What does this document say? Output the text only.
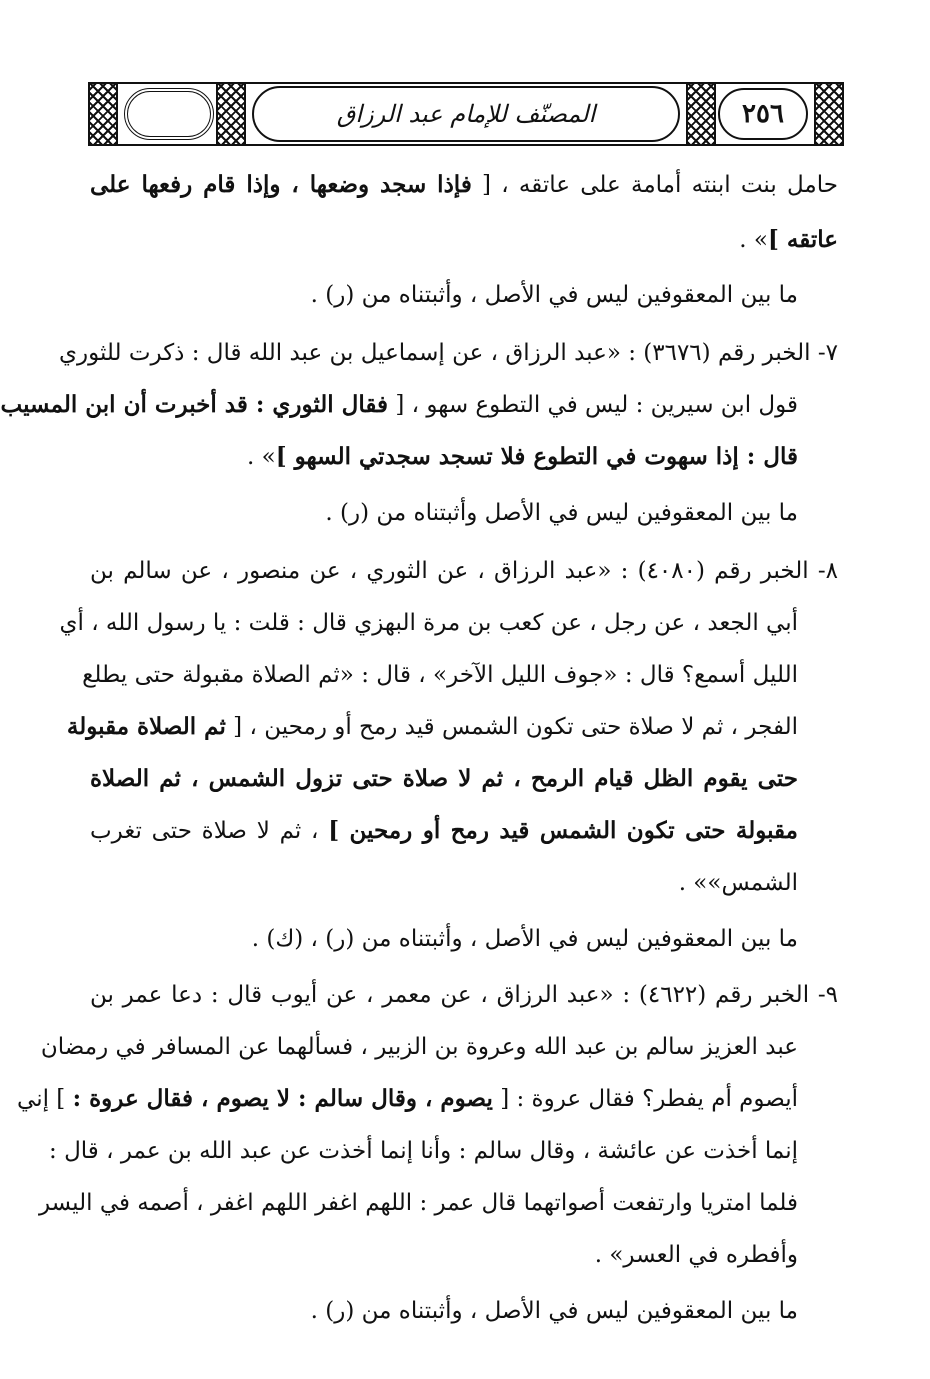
٢٥٦
المصنّف للإمام عبد الرزاق
حامل بنت ابنته أمامة على عاتقه ، [ فإذا سجد وضعها ، وإذا قام رفعها على
عاتقه ]» .
ما بين المعقوفين ليس في الأصل ، وأثبتناه من (ر) .
٧- الخبر رقم (٣٦٧٦) : «عبد الرزاق ، عن إسماعيل بن عبد الله قال : ذكرت للثوري
قول ابن سيرين : ليس في التطوع سهو ، [ فقال الثوري : قد أخبرت أن ابن المسيب
قال : إذا سهوت في التطوع فلا تسجد سجدتي السهو ]» .
ما بين المعقوفين ليس في الأصل وأثبتناه من (ر) .
٨- الخبر رقم (٤٠٨٠) : «عبد الرزاق ، عن الثوري ، عن منصور ، عن سالم بن
أبي الجعد ، عن رجل ، عن كعب بن مرة البهزي قال : قلت : يا رسول الله ، أي
الليل أسمع؟ قال : «جوف الليل الآخر» ، قال : «ثم الصلاة مقبولة حتى يطلع
الفجر ، ثم لا صلاة حتى تكون الشمس قيد رمح أو رمحين ، [ ثم الصلاة مقبولة
حتى يقوم الظل قيام الرمح ، ثم لا صلاة حتى تزول الشمس ، ثم الصلاة
مقبولة حتى تكون الشمس قيد رمح أو رمحين ] ، ثم لا صلاة حتى تغرب
الشمس»» .
ما بين المعقوفين ليس في الأصل ، وأثبتناه من (ر) ، (ك) .
٩- الخبر رقم (٤٦٢٢) : «عبد الرزاق ، عن معمر ، عن أيوب قال : دعا عمر بن
عبد العزيز سالم بن عبد الله وعروة بن الزبير ، فسألهما عن المسافر في رمضان
أيصوم أم يفطر؟ فقال عروة : [ يصوم ، وقال سالم : لا يصوم ، فقال عروة : ] إني
إنما أخذت عن عائشة ، وقال سالم : وأنا إنما أخذت عن عبد الله بن عمر ، قال :
فلما امتريا وارتفعت أصواتهما قال عمر : اللهم اغفر اللهم اغفر ، أصمه في اليسر
وأفطره في العسر» .
ما بين المعقوفين ليس في الأصل ، وأثبتناه من (ر) .
